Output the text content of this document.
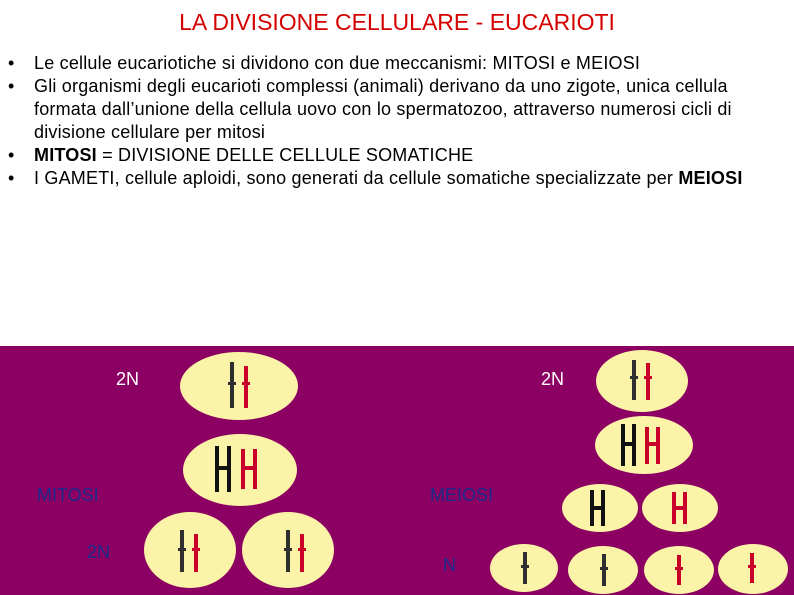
LA DIVISIONE CELLULARE - EUCARIOTI
• Le cellule eucariotiche si dividono con due meccanismi: MITOSI e MEIOSI
• Gli organismi degli eucarioti complessi (animali) derivano da uno zigote, unica cellula formata dall’unione della cellula uovo con lo spermatozoo, attraverso numerosi cicli di divisione cellulare per mitosi
• MITOSI = DIVISIONE DELLE CELLULE SOMATICHE
• I GAMETI, cellule aploidi, sono generati da cellule somatiche specializzate per MEIOSI
2N	2N
MITOSI	MEIOSI
2N
N
